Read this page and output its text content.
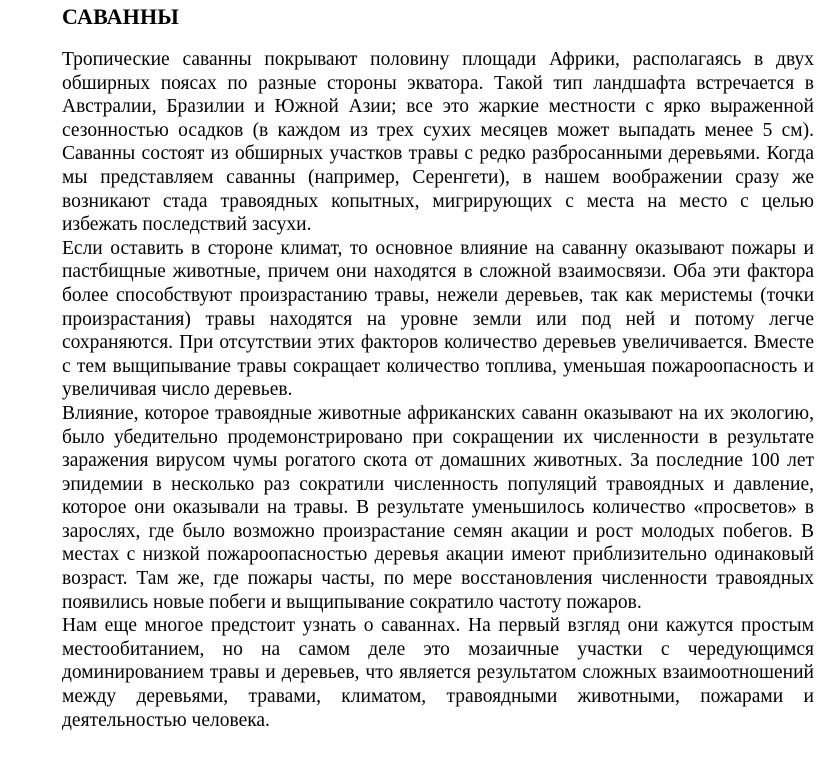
САВАННЫ

Тропические саванны покрывают половину площади Африки, располагаясь в двух обширных поясах по разные стороны экватора. Такой тип ландшафта встречается в Австралии, Бразилии и Южной Азии; все это жаркие местности с ярко выраженной сезонностью осадков (в каждом из трех сухих месяцев может выпадать менее 5 см). Саванны состоят из обширных участков травы с редко разбросанными деревьями. Когда мы представляем саванны (например, Серенгети), в нашем воображении сразу же возникают стада травоядных копытных, мигрирующих с места на место с целью избежать последствий засухи.

Если оставить в стороне климат, то основное влияние на саванну оказывают пожары и пастбищные животные, причем они находятся в сложной взаимосвязи. Оба эти фактора более способствуют произрастанию травы, нежели деревьев, так как меристемы (точки произрастания) травы находятся на уровне земли или под ней и потому легче сохраняются. При отсутствии этих факторов количество деревьев увеличивается. Вместе с тем выщипывание травы сокращает количество топлива, уменьшая пожароопасность и увеличивая число деревьев.

Влияние, которое травоядные животные африканских саванн оказывают на их экологию, было убедительно продемонстрировано при сокращении их численности в результате заражения вирусом чумы рогатого скота от домашних животных. За последние 100 лет эпидемии в несколько раз сократили численность популяций травоядных и давление, которое они оказывали на травы. В результате уменьшилось количество «просветов» в зарослях, где было возможно произрастание семян акации и рост молодых побегов. В местах с низкой пожароопасностью деревья акации имеют приблизительно одинаковый возраст. Там же, где пожары часты, по мере восстановления численности травоядных появились новые побеги и выщипывание сократило частоту пожаров.

Нам еще многое предстоит узнать о саваннах. На первый взгляд они кажутся простым местообитанием, но на самом деле это мозаичные участки с чередующимся доминированием травы и деревьев, что является результатом сложных взаимоотношений между деревьями, травами, климатом, травоядными животными, пожарами и деятельностью человека.
